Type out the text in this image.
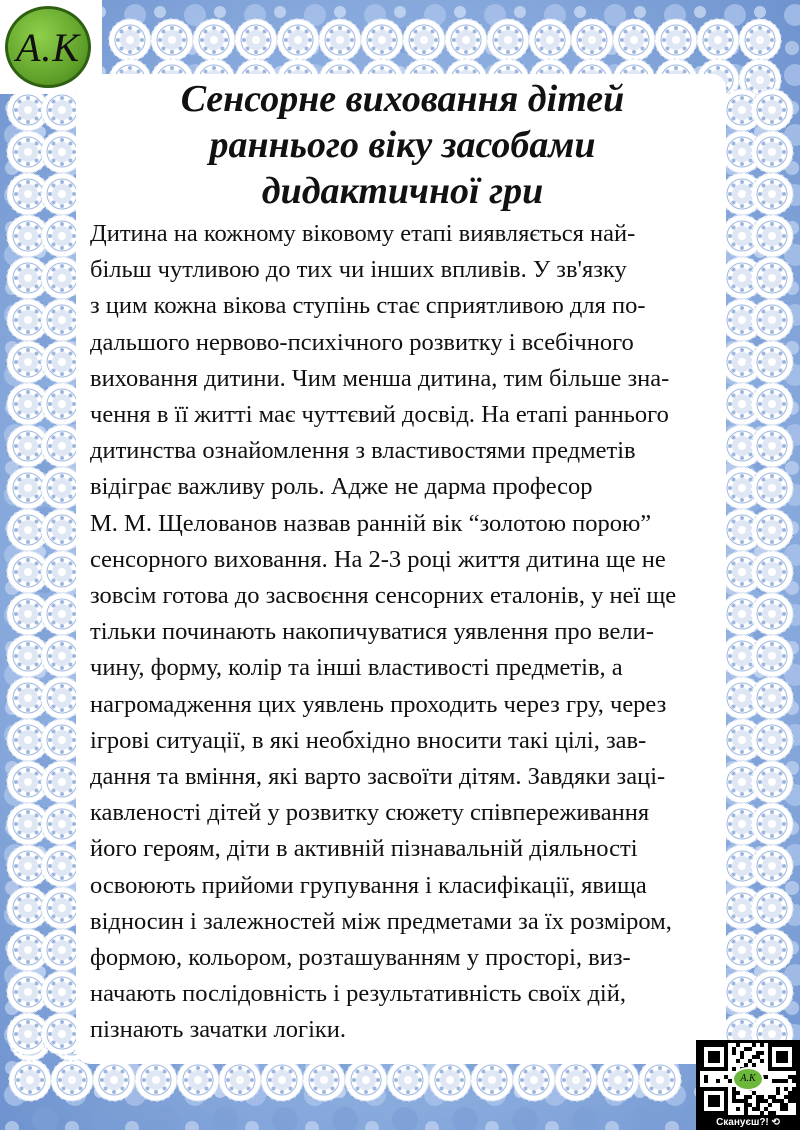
A.K
Сенсорне виховання дітей
раннього віку засобами
дидактичної гри
Дитина на кожному віковому етапі виявляється най-
більш чутливою до тих чи інших впливів. У зв'язку
з цим кожна вікова ступінь стає сприятливою для по-
дальшого нервово-психічного розвитку і всебічного
виховання дитини. Чим менша дитина, тим більше зна-
чення в її житті має чуттєвий досвід. На етапі раннього
дитинства ознайомлення з властивостями предметів
відіграє важливу роль. Адже не дарма професор
М. М. Щелованов назвав ранній вік “золотою порою”
сенсорного виховання. На 2-3 році життя дитина ще не
зовсім готова до засвоєння сенсорних еталонів, у неї ще
тільки починають накопичуватися уявлення про вели-
чину, форму, колір та інші властивості предметів, а
нагромадження цих уявлень проходить через гру, через
ігрові ситуації, в які необхідно вносити такі цілі, зав-
дання та вміння, які варто засвоїти дітям. Завдяки заці-
кавленості дітей у розвитку сюжету співпереживання
його героям, діти в активній пізнавальній діяльності
освоюють прийоми групування і класифікації, явища
відносин і залежностей між предметами за їх розміром,
формою, кольором, розташуванням у просторі, виз-
начають послідовність і результативність своїх дій,
пізнають зачатки логіки.
A.K
Скануєш?! ⟲
